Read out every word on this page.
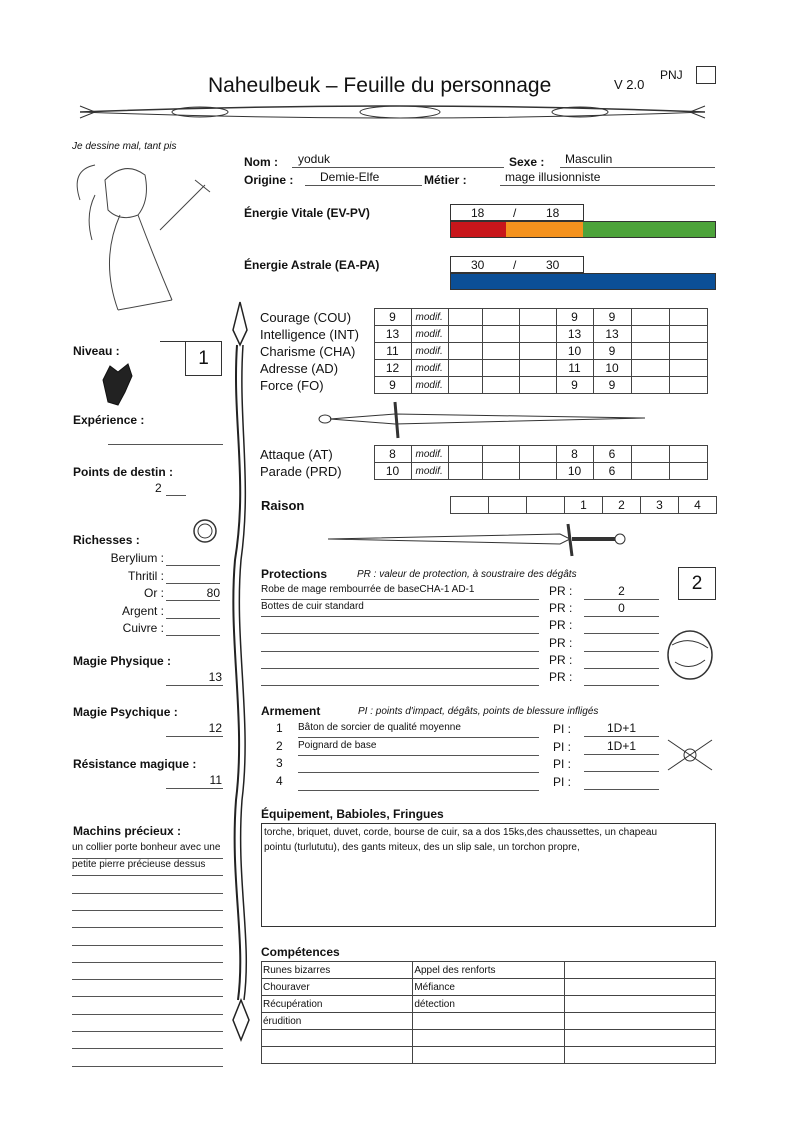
Naheulbeuk – Feuille du personnage	V 2.0
PNJ
Je dessine mal, tant pis
Nom : yoduk	Sexe : Masculin
Origine : Demie-Elfe	Métier :	mage illusionniste
Énergie Vitale (EV-PV)	18 / 18
Énergie Astrale (EA-PA)	30 / 30
Niveau :	1
Expérience :
Points de destin :
2
Richesses :
Berylium :
Thritil :
Or :	80
Argent :
Cuivre :
Magie Physique :
13
Magie Psychique :
12
Résistance magique :
11
Machins précieux :
un collier porte bonheur avec une
petite pierre précieuse dessus
Courage (COU)	9	modif.				9	9		
Intelligence (INT)	13	modif.				13	13		
Charisme (CHA)	11	modif.				10	9		
Adresse (AD)	12	modif.				11	10		
Force (FO)	9	modif.				9	9		
Attaque (AT)	8	modif.				8	6		
Parade (PRD)	10	modif.				10	6		
Raison
				1	2	3	4
Protections	PR : valeur de protection, à soustraire des dégâts	2
Robe de mage rembourrée de baseCHA-1 AD-1	PR :	2
Bottes de cuir standard	PR :	0
PR :
PR :
PR :
PR :
Armement	PI : points d'impact, dégâts, points de blessure infligés
1 Bâton de sorcier de qualité moyenne	PI :	1D+1
2 Poignard de base	PI :	1D+1
3	PI :
4	PI :
Équipement, Babioles, Fringues
torche, briquet, duvet, corde, bourse de cuir, sa a dos 15ks,des chaussettes, un chapeau
pointu (turlututu), des gants miteux, des un slip sale, un torchon propre,
Compétences
Runes bizarres	Appel des renforts	
Chouraver	Méfiance	
Récupération	détection	
érudition		
